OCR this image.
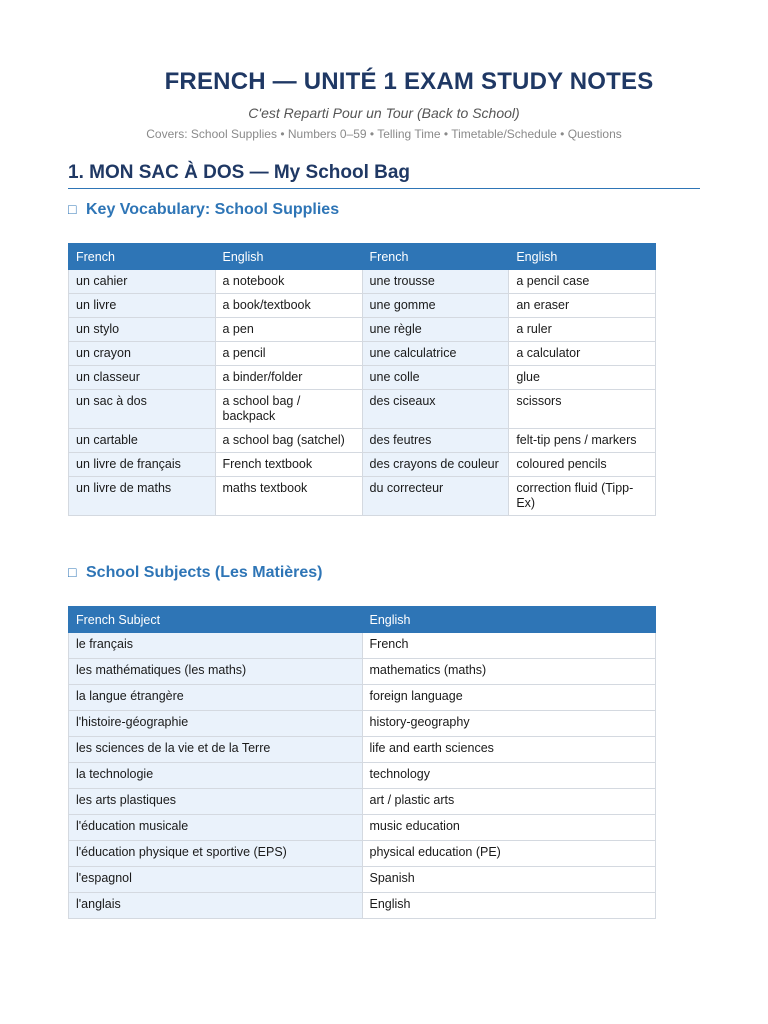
FRENCH — UNITÉ 1 EXAM STUDY NOTES
C'est Reparti Pour un Tour (Back to School)
Covers: School Supplies • Numbers 0–59 • Telling Time • Timetable/Schedule • Questions
1. MON SAC À DOS — My School Bag
□ Key Vocabulary: School Supplies
French	English	French	English
un cahier	a notebook	une trousse	a pencil case
un livre	a book/textbook	une gomme	an eraser
un stylo	a pen	une règle	a ruler
un crayon	a pencil	une calculatrice	a calculator
un classeur	a binder/folder	une colle	glue
un sac à dos	a school bag / backpack	des ciseaux	scissors
un cartable	a school bag (satchel)	des feutres	felt-tip pens / markers
un livre de français	French textbook	des crayons de couleur	coloured pencils
un livre de maths	maths textbook	du correcteur	correction fluid (Tipp-Ex)
□ School Subjects (Les Matières)
French Subject	English
le français	French
les mathématiques (les maths)	mathematics (maths)
la langue étrangère	foreign language
l'histoire-géographie	history-geography
les sciences de la vie et de la Terre	life and earth sciences
la technologie	technology
les arts plastiques	art / plastic arts
l'éducation musicale	music education
l'éducation physique et sportive (EPS)	physical education (PE)
l'espagnol	Spanish
l'anglais	English
